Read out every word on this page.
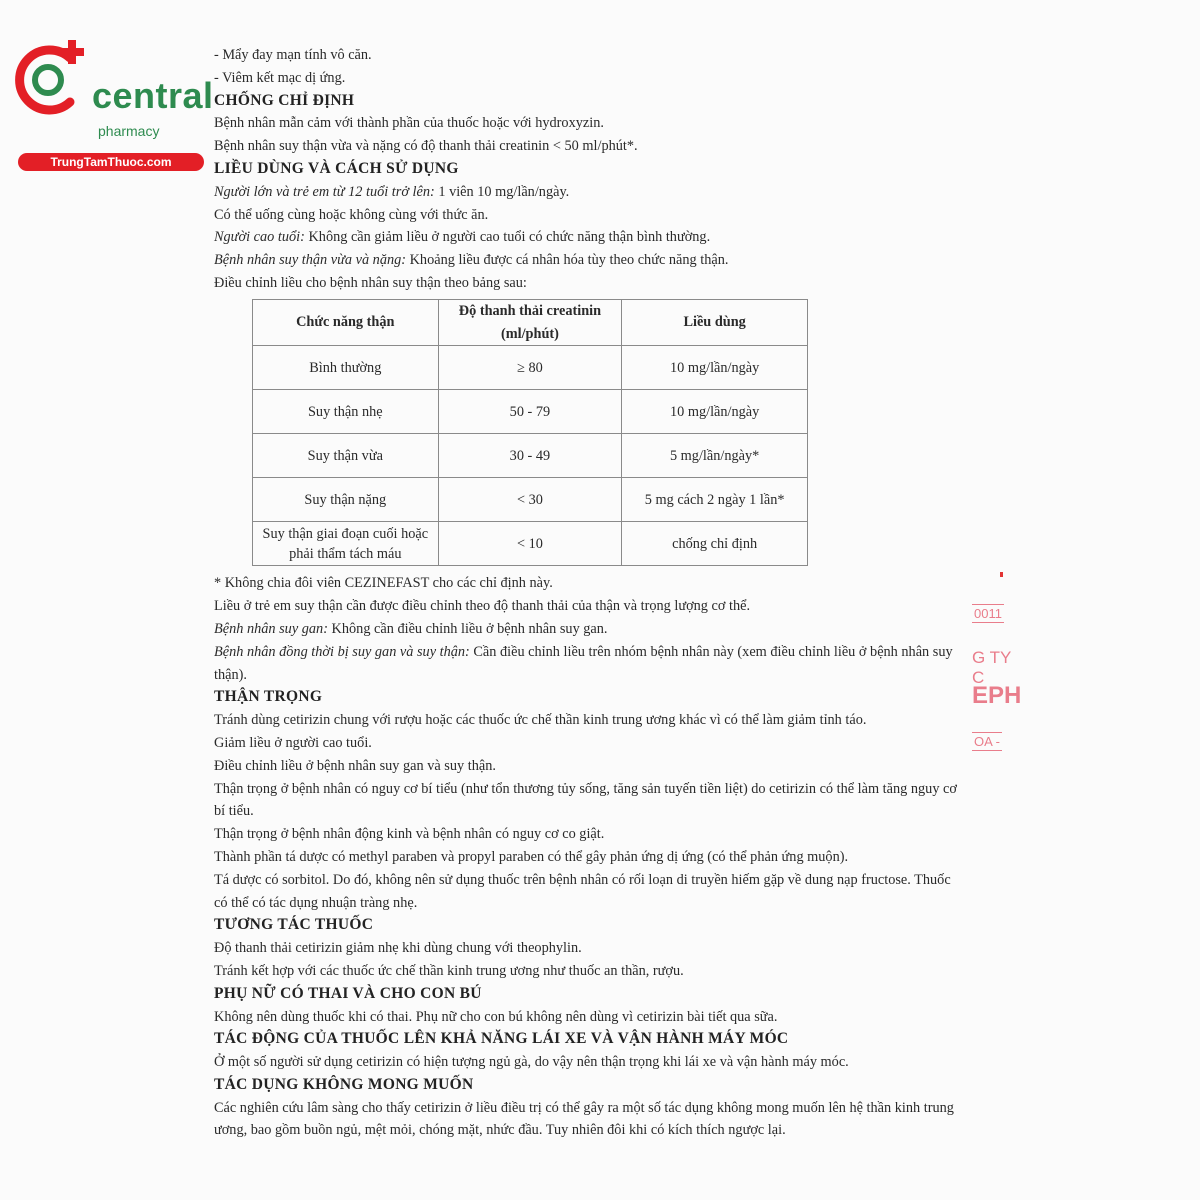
central
pharmacy
TrungTamThuoc.com

- Mẩy đay mạn tính vô căn.

- Viêm kết mạc dị ứng.

CHỐNG CHỈ ĐỊNH

Bệnh nhân mẫn cảm với thành phần của thuốc hoặc với hydroxyzin.

Bệnh nhân suy thận vừa và nặng có độ thanh thải creatinin < 50 ml/phút*.

LIỀU DÙNG VÀ CÁCH SỬ DỤNG

Người lớn và trẻ em từ 12 tuổi trở lên: 1 viên 10 mg/lần/ngày.

Có thể uống cùng hoặc không cùng với thức ăn.

Người cao tuổi: Không cần giảm liều ở người cao tuổi có chức năng thận bình thường.

Bệnh nhân suy thận vừa và nặng: Khoảng liều được cá nhân hóa tùy theo chức năng thận.

Điều chỉnh liều cho bệnh nhân suy thận theo bảng sau:

Chức năng thận	Độ thanh thải creatinin (ml/phút)	Liều dùng
Bình thường	≥ 80	10 mg/lần/ngày
Suy thận nhẹ	50 - 79	10 mg/lần/ngày
Suy thận vừa	30 - 49	5 mg/lần/ngày*
Suy thận nặng	< 30	5 mg cách 2 ngày 1 lần*
Suy thận giai đoạn cuối hoặc phải thẩm tách máu	< 10	chống chỉ định

* Không chia đôi viên CEZINEFAST cho các chỉ định này.

Liều ở trẻ em suy thận cần được điều chỉnh theo độ thanh thải của thận và trọng lượng cơ thể.

Bệnh nhân suy gan: Không cần điều chỉnh liều ở bệnh nhân suy gan.

Bệnh nhân đồng thời bị suy gan và suy thận: Cần điều chỉnh liều trên nhóm bệnh nhân này (xem điều chỉnh liều ở bệnh nhân suy thận).

THẬN TRỌNG

Tránh dùng cetirizin chung với rượu hoặc các thuốc ức chế thần kinh trung ương khác vì có thể làm giảm tỉnh táo.

Giảm liều ở người cao tuổi.

Điều chỉnh liều ở bệnh nhân suy gan và suy thận.

Thận trọng ở bệnh nhân có nguy cơ bí tiểu (như tổn thương tủy sống, tăng sản tuyến tiền liệt) do cetirizin có thể làm tăng nguy cơ bí tiểu.

Thận trọng ở bệnh nhân động kinh và bệnh nhân có nguy cơ co giật.

Thành phần tá dược có methyl paraben và propyl paraben có thể gây phản ứng dị ứng (có thể phản ứng muộn).

Tá dược có sorbitol. Do đó, không nên sử dụng thuốc trên bệnh nhân có rối loạn di truyền hiếm gặp về dung nạp fructose. Thuốc có thể có tác dụng nhuận tràng nhẹ.

TƯƠNG TÁC THUỐC

Độ thanh thải cetirizin giảm nhẹ khi dùng chung với theophylin.

Tránh kết hợp với các thuốc ức chế thần kinh trung ương như thuốc an thần, rượu.

PHỤ NỮ CÓ THAI VÀ CHO CON BÚ

Không nên dùng thuốc khi có thai. Phụ nữ cho con bú không nên dùng vì cetirizin bài tiết qua sữa.

TÁC ĐỘNG CỦA THUỐC LÊN KHẢ NĂNG LÁI XE VÀ VẬN HÀNH MÁY MÓC

Ở một số người sử dụng cetirizin có hiện tượng ngủ gà, do vậy nên thận trọng khi lái xe và vận hành máy móc.

TÁC DỤNG KHÔNG MONG MUỐN

Các nghiên cứu lâm sàng cho thấy cetirizin ở liều điều trị có thể gây ra một số tác dụng không mong muốn lên hệ thần kinh trung ương, bao gồm buồn ngủ, mệt mỏi, chóng mặt, nhức đầu. Tuy nhiên đôi khi có kích thích ngược lại.

0011
G TY C
EPH
OA -
